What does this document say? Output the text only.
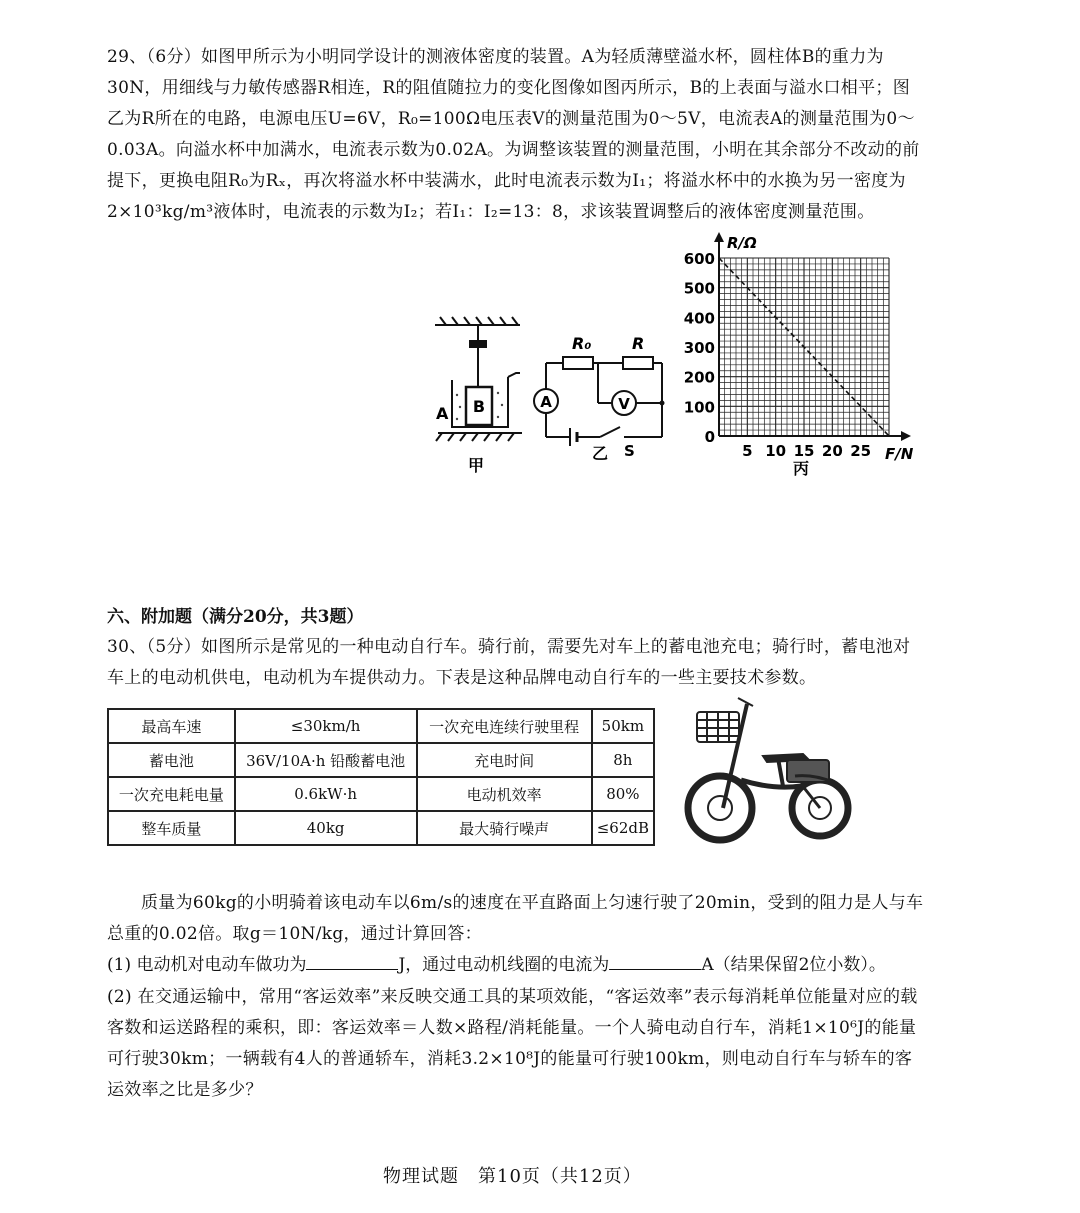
29、（6分）如图甲所示为小明同学设计的测液体密度的装置。A为轻质薄壁溢水杯，圆柱体B的重力为30N，用细线与力敏传感器R相连，R的阻值随拉力的变化图像如图丙所示，B的上表面与溢水口相平；图乙为R所在的电路，电源电压U=6V，R₀=100Ω电压表V的测量范围为0～5V，电流表A的测量范围为0～0.03A。向溢水杯中加满水，电流表示数为0.02A。为调整该装置的测量范围，小明在其余部分不改动的前提下，更换电阻R₀为Rₓ，再次将溢水杯中装满水，此时电流表示数为I₁；将溢水杯中的水换为另一密度为2×10³kg/m³液体时，电流表的示数为I₂；若I₁：I₂=13：8，求该装置调整后的液体密度测量范围。
B
A
甲
R₀	R
A	V
S
乙
0
100
200
300
400
500
600
5 10 15 20 25
R/Ω
F/N
丙
六、附加题（满分20分，共3题）
30、（5分）如图所示是常见的一种电动自行车。骑行前，需要先对车上的蓄电池充电；骑行时，蓄电池对车上的电动机供电，电动机为车提供动力。下表是这种品牌电动自行车的一些主要技术参数。
最高车速	≤30km/h	一次充电连续行驶里程	50km
蓄电池	36V/10A·h 铅酸蓄电池	充电时间	8h
一次充电耗电量	0.6kW·h	电动机效率	80%
整车质量	40kg	最大骑行噪声	≤62dB
质量为60kg的小明骑着该电动车以6m/s的速度在平直路面上匀速行驶了20min，受到的阻力是人与车总重的0.02倍。取g＝10N/kg，通过计算回答：
(1) 电动机对电动车做功为	J，通过电动机线圈的电流为	A（结果保留2位小数）。
(2) 在交通运输中，常用“客运效率”来反映交通工具的某项效能，“客运效率”表示每消耗单位能量对应的载客数和运送路程的乘积，即：客运效率＝人数×路程/消耗能量。一个人骑电动自行车，消耗1×10⁶J的能量可行驶30km；一辆载有4人的普通轿车，消耗3.2×10⁸J的能量可行驶100km，则电动自行车与轿车的客运效率之比是多少？
物理试题　第10页（共12页）
